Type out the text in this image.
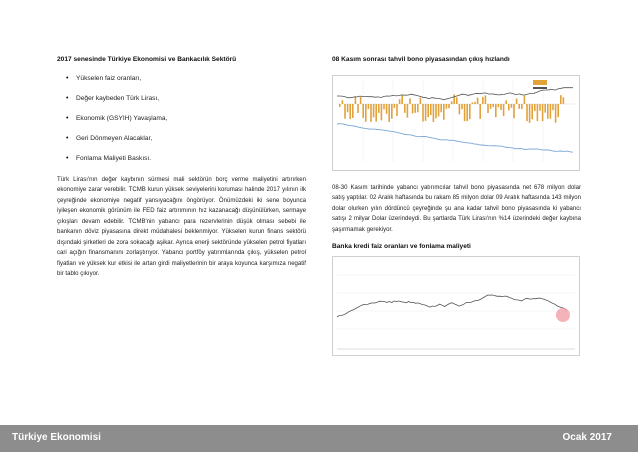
2017 senesinde Türkiye Ekonomisi ve Bankacılık Sektörü
• Yükselen faiz oranları,
• Değer kaybeden Türk Lirası,
• Ekonomik (GSYIH) Yavaşlama,
• Geri Dönmeyen Alacaklar,
• Fonlama Maliyeti Baskısı.

Türk Lirası'nın değer kaybının sürmesi mali sektörün borç verme maliyetini artırırken ekonomiye zarar verebilir. TCMB kurun yüksek seviyelerini koruması halinde 2017 yılının ilk çeyreğinde ekonomiye negatif yansıyacağını öngörüyor. Önümüzdeki iki sene boyunca iyileşen ekonomik görünüm ile FED faiz artırımının hız kazanacağı düşünülürken, sermaye çıkışları devam edebilir. TCMB'nin yabancı para rezervlerinin düşük olması sebebi ile bankanın döviz piyasasına direkt müdahalesi beklenmiyor. Yükselen kurun finans sektörü dışındaki şirketleri de zora sokacağı aşikar. Ayrıca enerji sektöründe yükselen petrol fiyatları cari açığın finansmanını zorlaştırıyor. Yabancı portföy yatırımlarında çıkış, yükselen petrol fiyatları ve yüksek kur etkisi ile artan girdi maliyetlerinin bir araya koyunca karşımıza negatif bir tablo çıkıyor.

08 Kasım sonrası tahvil bono piyasasından çıkış hızlandı

08-30 Kasım tarihinde yabancı yatırımcılar tahvil bono piyasasında net 678 milyon dolar satış yaptılar. 02 Aralık haftasında bu rakam 85 milyon dolar 09 Aralık haftasında 143 milyon dolar olurken yılın dördüncü çeyreğinde şu ana kadar tahvil bono piyasasında ki yabancı satışı 2 milyar Dolar üzerindeydi. Bu şartlarda Türk Lirası'nın %14 üzerindeki değer kaybına şaşırmamak gerekiyor.

Banka kredi faiz oranları ve fonlama maliyeti
Türkiye Ekonomisi	Ocak 2017
